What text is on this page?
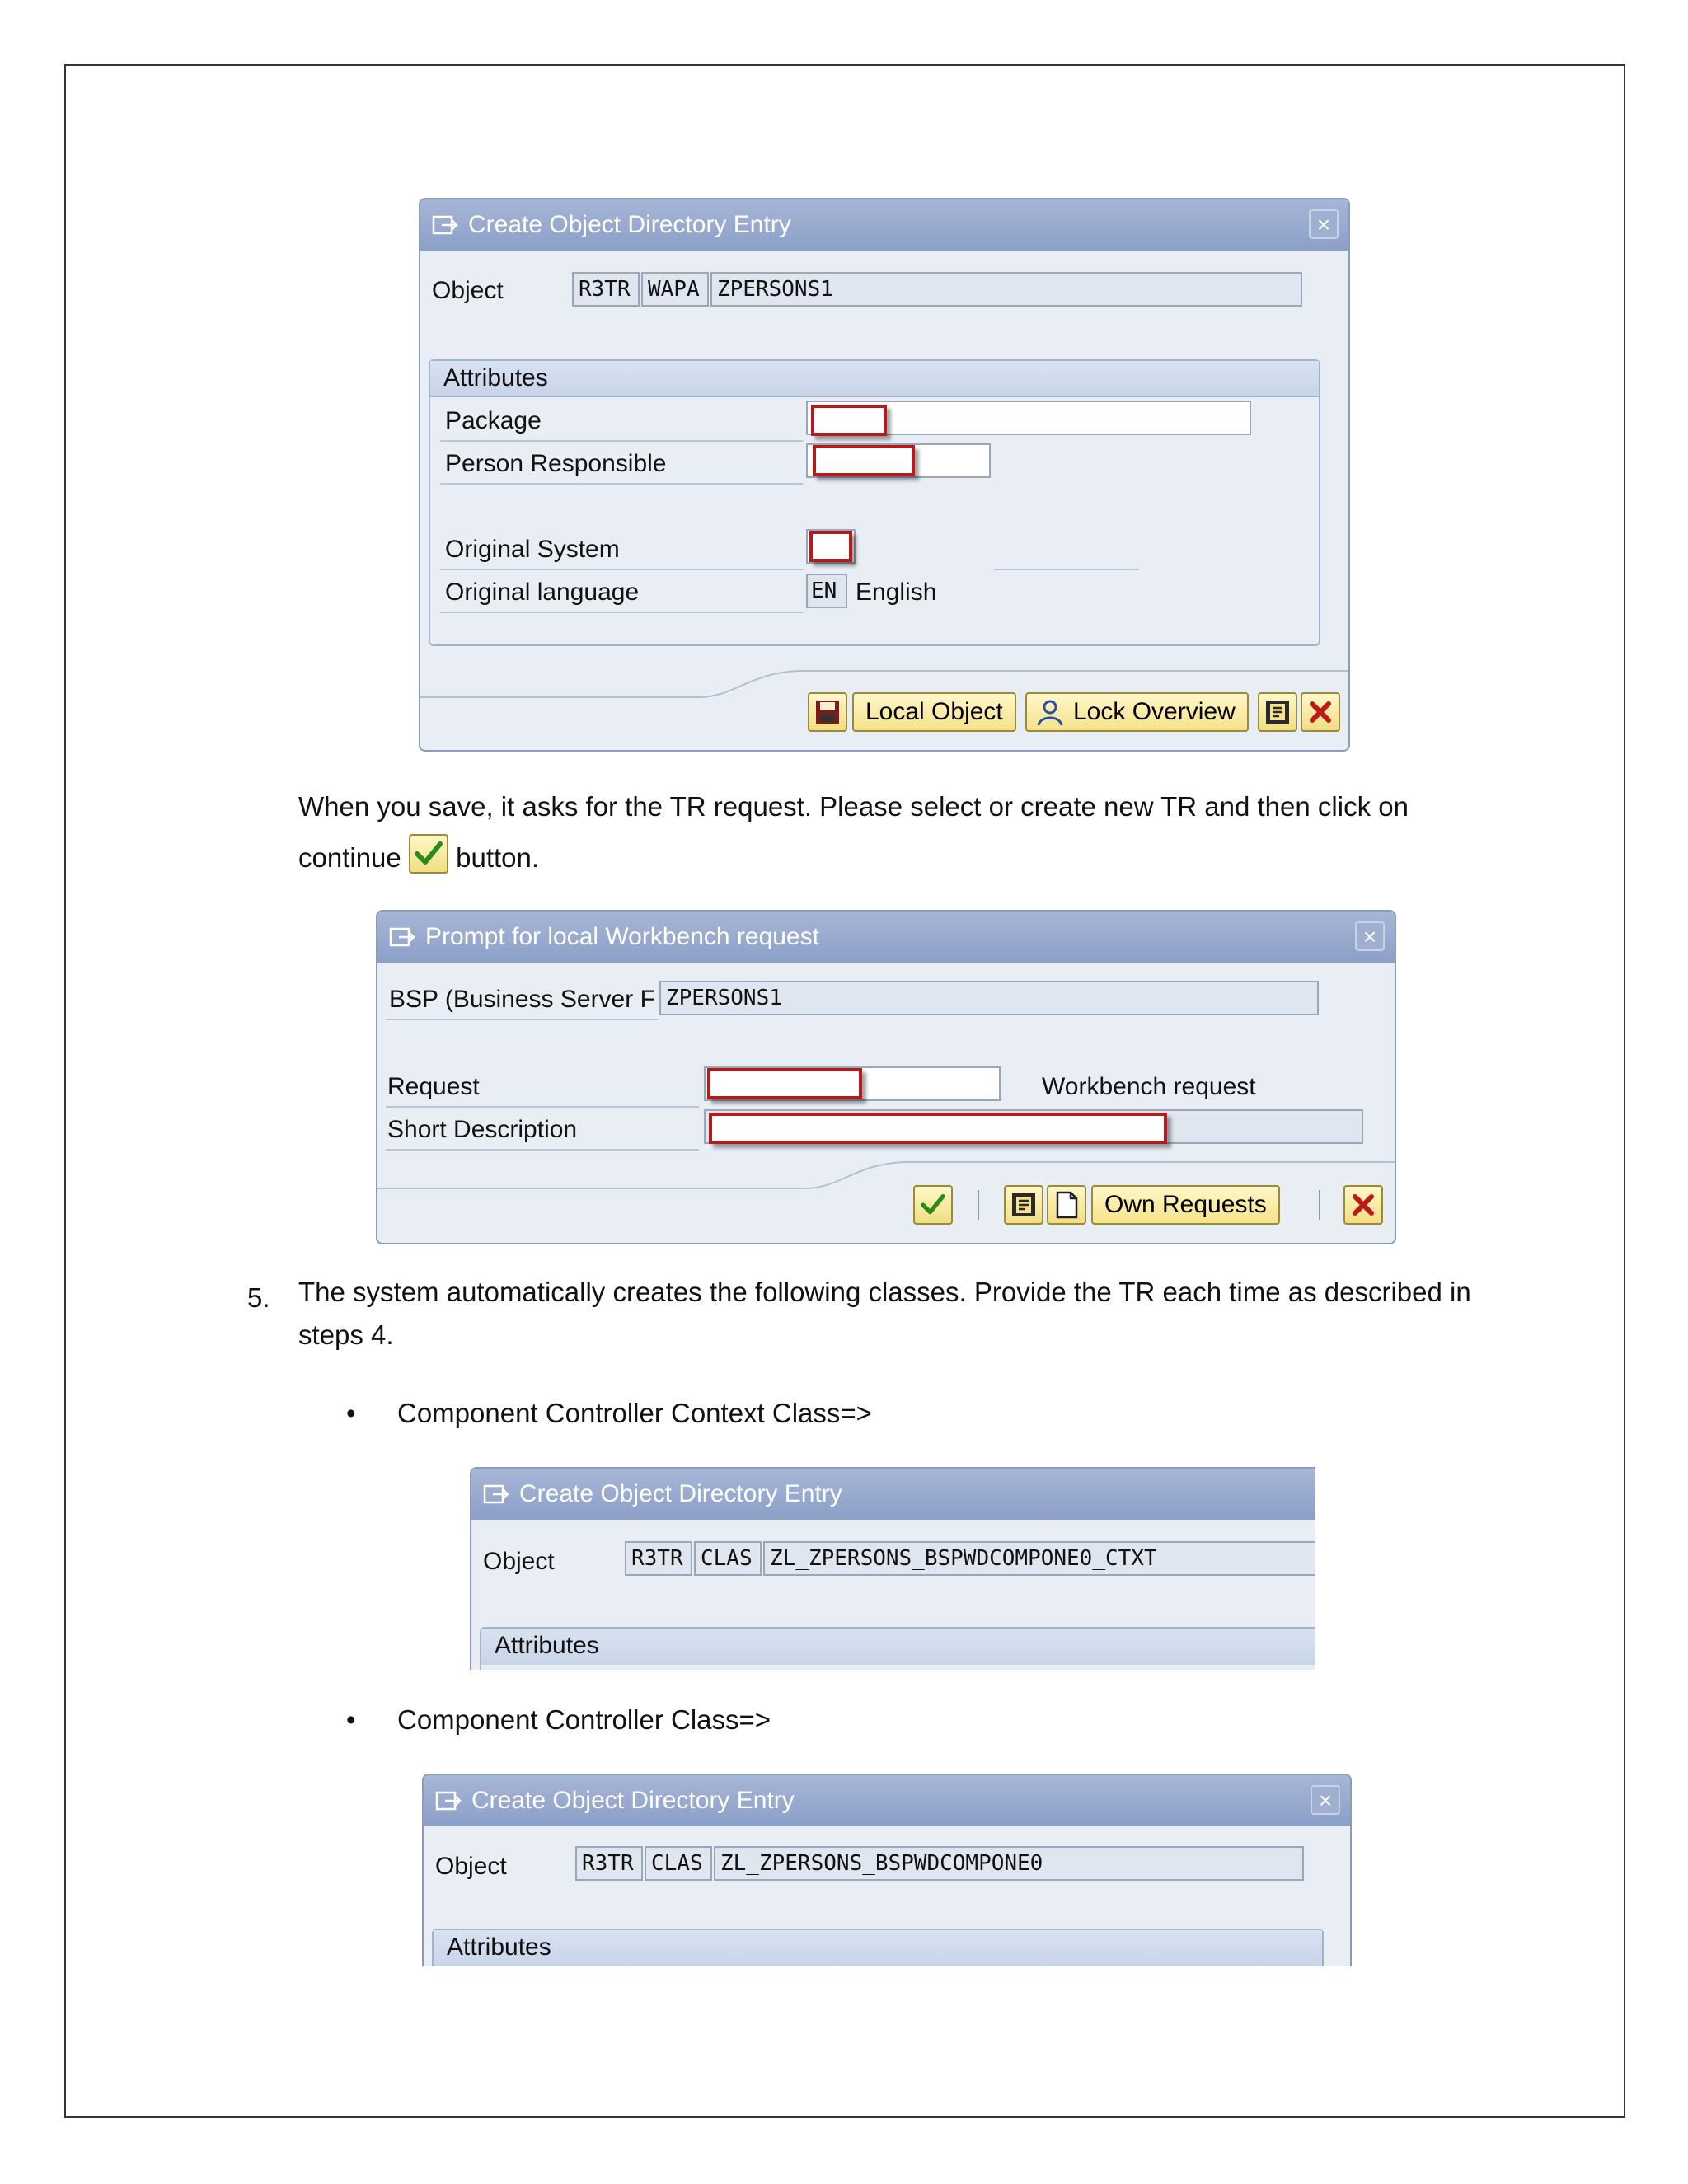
Create Object Directory Entry	×
Object	R3TR WAPA ZPERSONS1
Attributes
Package
Person Responsible
Original System
Original language	EN English
Local Object	Lock Overview
When you save, it asks for the TR request. Please select or create new TR and then click on
continue button.
Prompt for local Workbench request	×
BSP (Business Server F ZPERSONS1
Request	Workbench request
Short Description
Own Requests
5. The system automatically creates the following classes. Provide the TR each time as described in
steps 4.
• Component Controller Context Class=>
Create Object Directory Entry
Object	R3TR CLAS ZL_ZPERSONS_BSPWDCOMPONE0_CTXT
Attributes
• Component Controller Class=>
Create Object Directory Entry	×
Object	R3TR CLAS ZL_ZPERSONS_BSPWDCOMPONE0
Attributes
